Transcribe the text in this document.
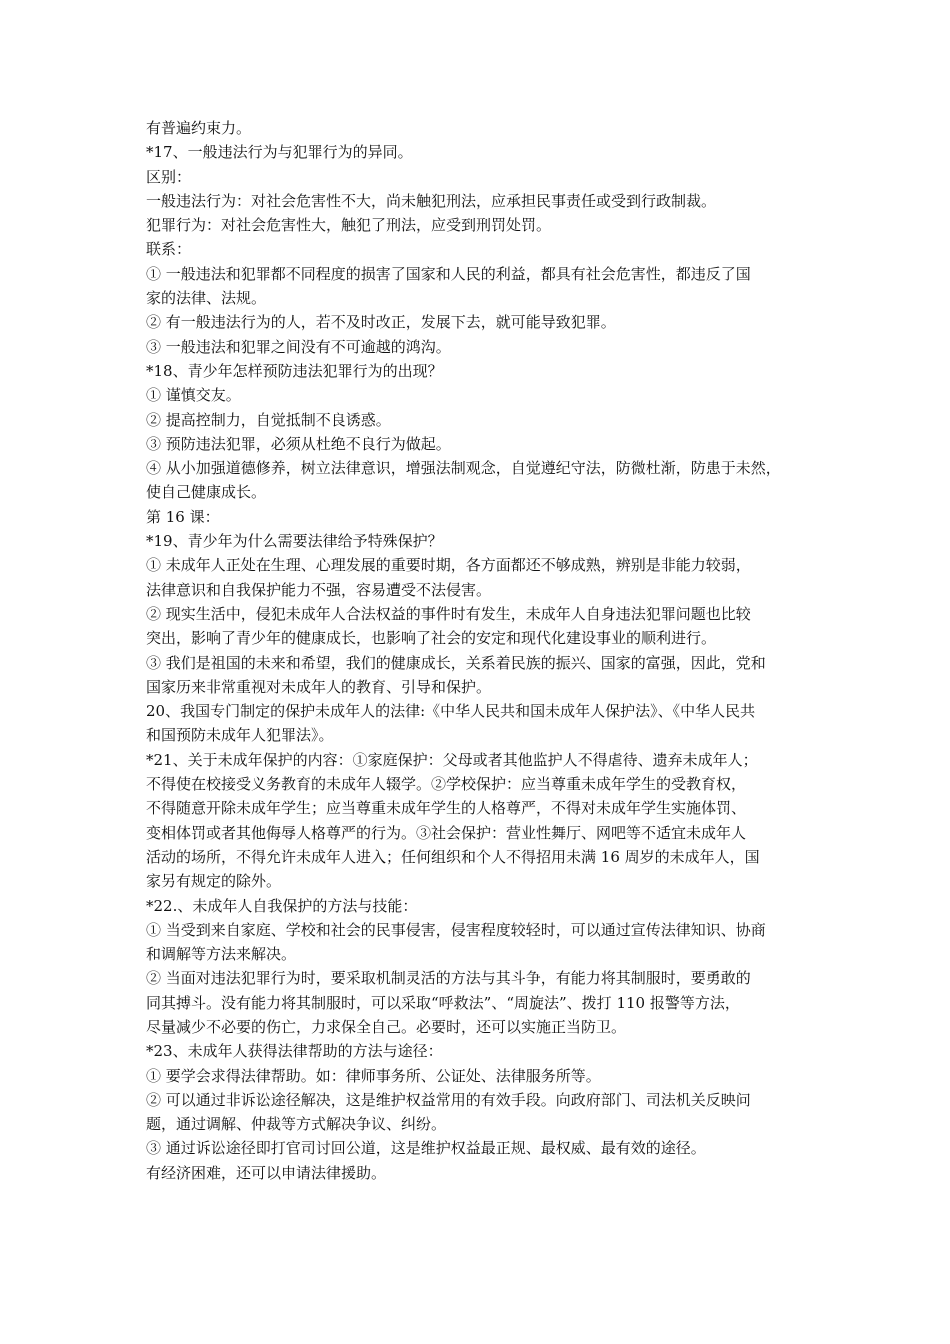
有普遍约束力。
*17、一般违法行为与犯罪行为的异同。
区别：
一般违法行为：对社会危害性不大，尚未触犯刑法，应承担民事责任或受到行政制裁。
犯罪行为：对社会危害性大，触犯了刑法，应受到刑罚处罚。
联系：
① 一般违法和犯罪都不同程度的损害了国家和人民的利益，都具有社会危害性，都违反了国
家的法律、法规。
② 有一般违法行为的人，若不及时改正，发展下去，就可能导致犯罪。
③ 一般违法和犯罪之间没有不可逾越的鸿沟。
*18、青少年怎样预防违法犯罪行为的出现？
① 谨慎交友。
② 提高控制力，自觉抵制不良诱惑。
③ 预防违法犯罪，必须从杜绝不良行为做起。
④ 从小加强道德修养，树立法律意识，增强法制观念，自觉遵纪守法，防微杜渐，防患于未然，
使自己健康成长。
第 16 课：
*19、青少年为什么需要法律给予特殊保护？
① 未成年人正处在生理、心理发展的重要时期，各方面都还不够成熟，辨别是非能力较弱，
法律意识和自我保护能力不强，容易遭受不法侵害。
② 现实生活中，侵犯未成年人合法权益的事件时有发生，未成年人自身违法犯罪问题也比较
突出，影响了青少年的健康成长，也影响了社会的安定和现代化建设事业的顺利进行。
③ 我们是祖国的未来和希望，我们的健康成长，关系着民族的振兴、国家的富强，因此，党和
国家历来非常重视对未成年人的教育、引导和保护。
20、我国专门制定的保护未成年人的法律:《中华人民共和国未成年人保护法》、《中华人民共
和国预防未成年人犯罪法》。
*21、关于未成年保护的内容：①家庭保护：父母或者其他监护人不得虐待、遗弃未成年人；
不得使在校接受义务教育的未成年人辍学。②学校保护：应当尊重未成年学生的受教育权，
不得随意开除未成年学生；应当尊重未成年学生的人格尊严，不得对未成年学生实施体罚、
变相体罚或者其他侮辱人格尊严的行为。③社会保护：营业性舞厅、网吧等不适宜未成年人
活动的场所，不得允许未成年人进入；任何组织和个人不得招用未满 16 周岁的未成年人，国
家另有规定的除外。
*22.、未成年人自我保护的方法与技能：
① 当受到来自家庭、学校和社会的民事侵害，侵害程度较轻时，可以通过宣传法律知识、协商
和调解等方法来解决。
② 当面对违法犯罪行为时，要采取机制灵活的方法与其斗争，有能力将其制服时，要勇敢的
同其搏斗。没有能力将其制服时，可以采取“呼救法”、“周旋法”、拨打 110 报警等方法，
尽量减少不必要的伤亡，力求保全自己。必要时，还可以实施正当防卫。
*23、未成年人获得法律帮助的方法与途径：
① 要学会求得法律帮助。如：律师事务所、公证处、法律服务所等。
② 可以通过非诉讼途径解决，这是维护权益常用的有效手段。向政府部门、司法机关反映问
题，通过调解、仲裁等方式解决争议、纠纷。
③ 通过诉讼途径即打官司讨回公道，这是维护权益最正规、最权威、最有效的途径。
有经济困难，还可以申请法律援助。
